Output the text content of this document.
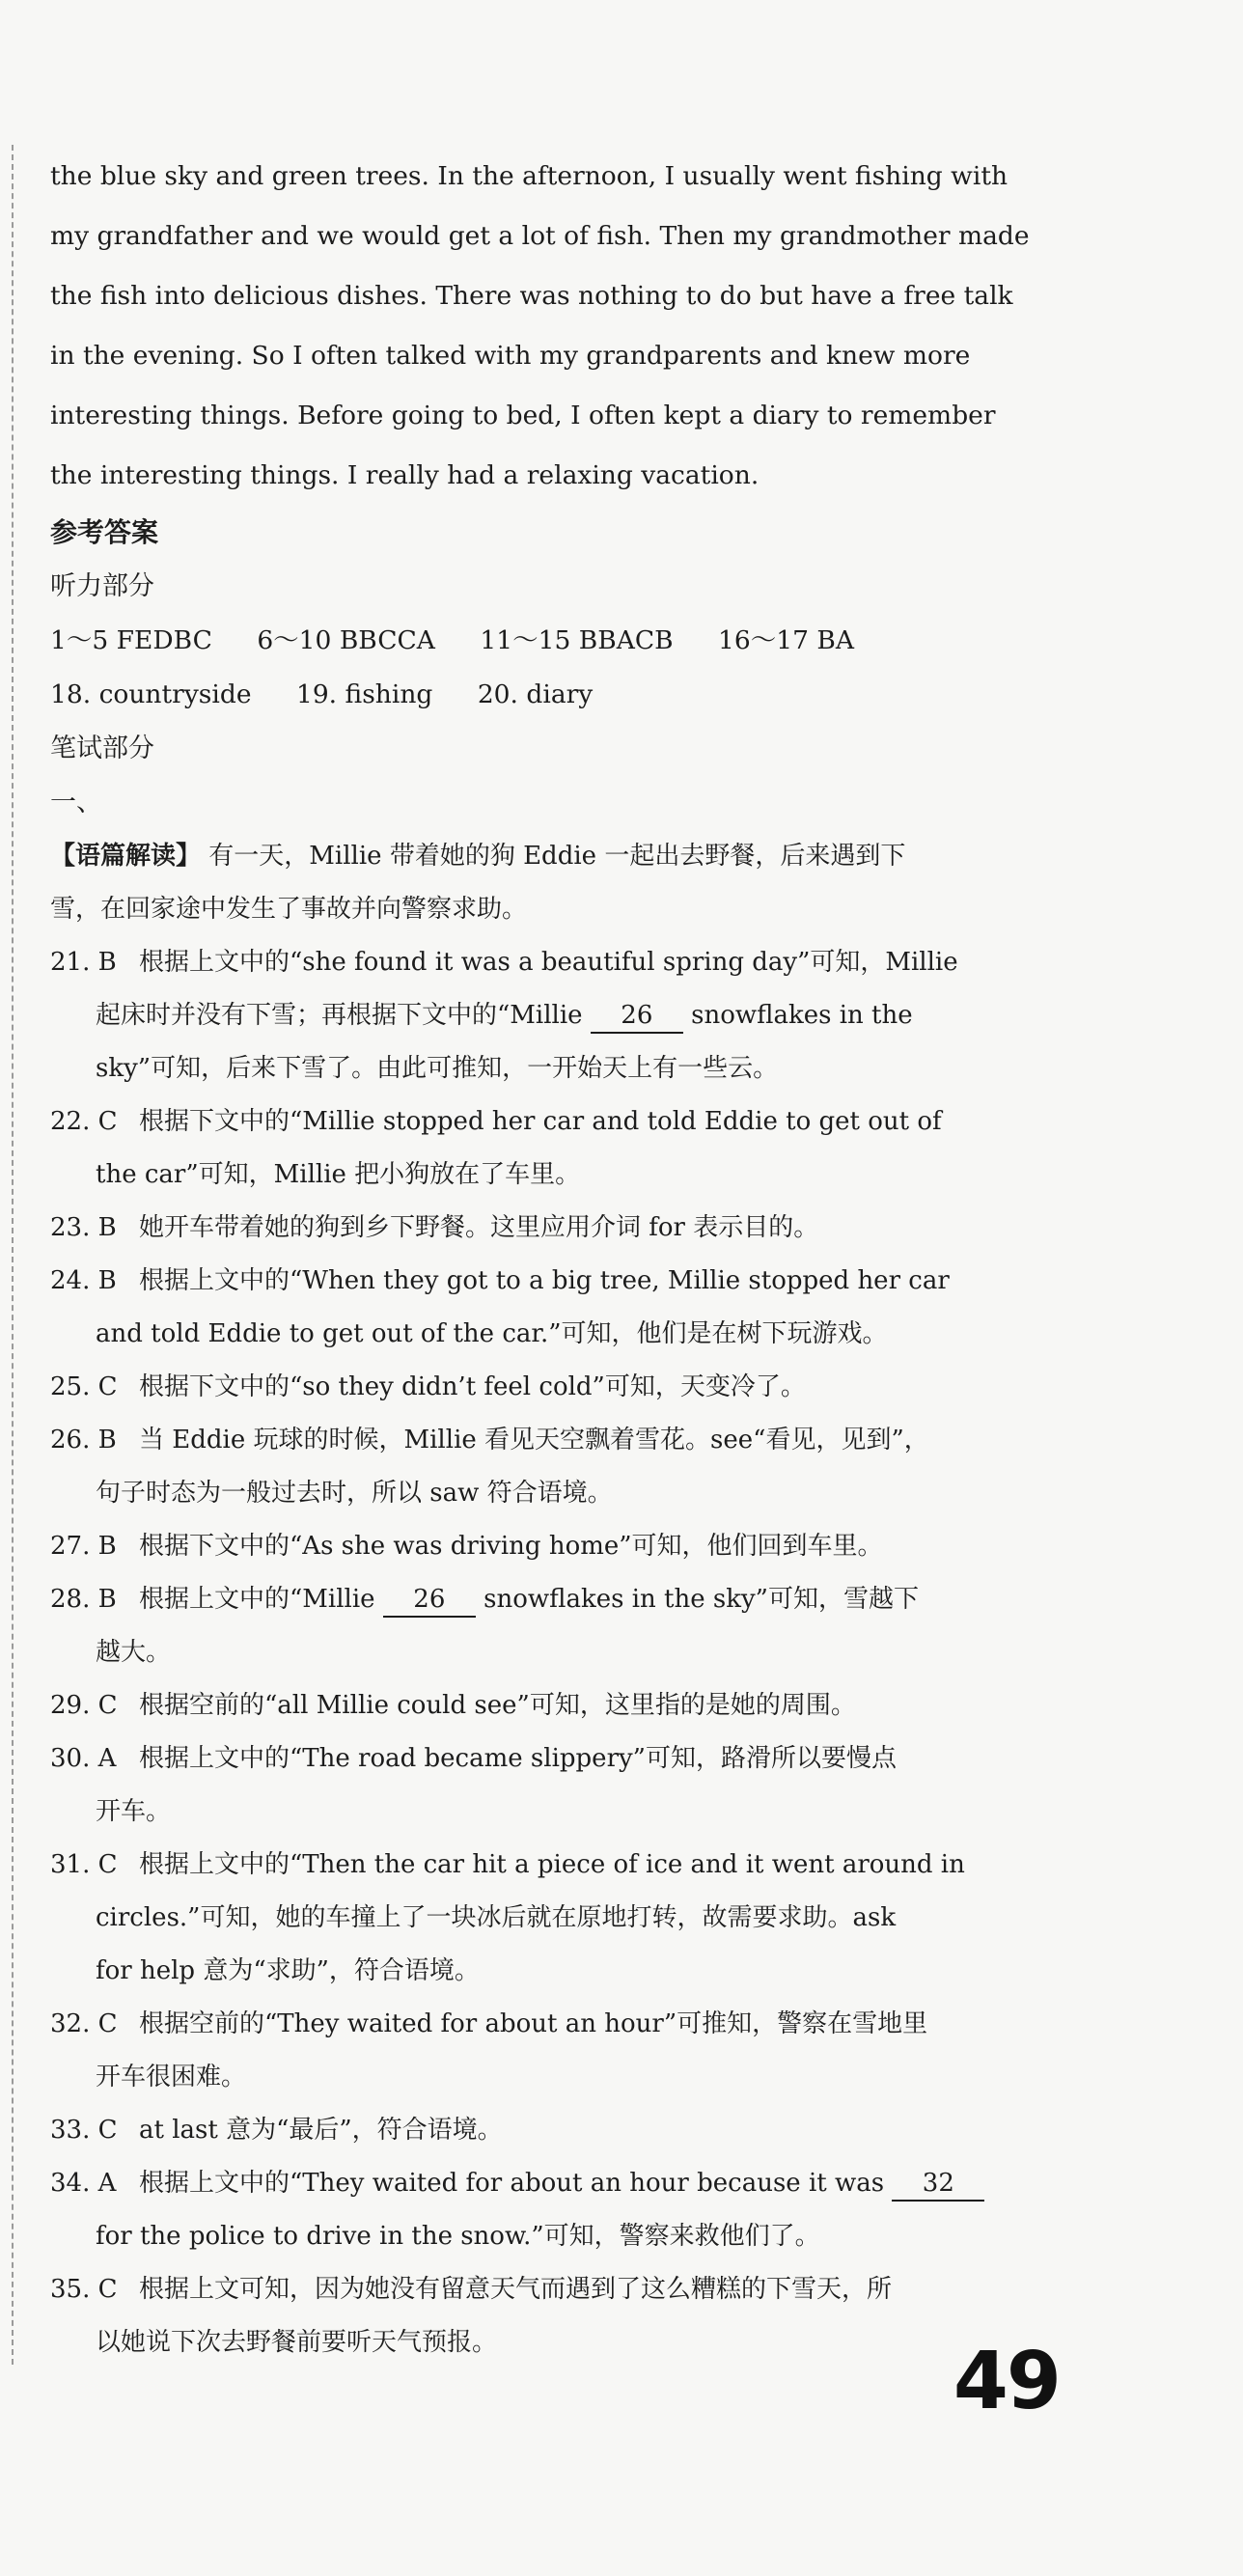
the blue sky and green trees. In the afternoon, I usually went fishing with
my grandfather and we would get a lot of fish. Then my grandmother made
the fish into delicious dishes. There was nothing to do but have a free talk
in the evening. So I often talked with my grandparents and knew more
interesting things. Before going to bed, I often kept a diary to remember
the interesting things. I really had a relaxing vacation.

参考答案

听力部分

1～5 FEDBC 6～10 BBCCA 11～15 BBACB 16～17 BA

18. countryside 19. fishing 20. diary

笔试部分

一、

【语篇解读】 有一天，Millie 带着她的狗 Eddie 一起出去野餐，后来遇到下
雪，在回家途中发生了事故并向警察求助。

21. B 根据上文中的“she found it was a beautiful spring day”可知，Millie
起床时并没有下雪；再根据下文中的“Millie 26 snowflakes in the
sky”可知，后来下雪了。由此可推知，一开始天上有一些云。

22. C 根据下文中的“Millie stopped her car and told Eddie to get out of
the car”可知，Millie 把小狗放在了车里。

23. B 她开车带着她的狗到乡下野餐。这里应用介词 for 表示目的。

24. B 根据上文中的“When they got to a big tree, Millie stopped her car
and told Eddie to get out of the car.”可知，他们是在树下玩游戏。

25. C 根据下文中的“so they didn’t feel cold”可知，天变冷了。

26. B 当 Eddie 玩球的时候，Millie 看见天空飘着雪花。see“看见，见到”，
句子时态为一般过去时，所以 saw 符合语境。

27. B 根据下文中的“As she was driving home”可知，他们回到车里。

28. B 根据上文中的“Millie 26 snowflakes in the sky”可知，雪越下
越大。

29. C 根据空前的“all Millie could see”可知，这里指的是她的周围。

30. A 根据上文中的“The road became slippery”可知，路滑所以要慢点
开车。

31. C 根据上文中的“Then the car hit a piece of ice and it went around in
circles.”可知，她的车撞上了一块冰后就在原地打转，故需要求助。ask
for help 意为“求助”，符合语境。

32. C 根据空前的“They waited for about an hour”可推知，警察在雪地里
开车很困难。

33. C at last 意为“最后”，符合语境。

34. A 根据上文中的“They waited for about an hour because it was 32
for the police to drive in the snow.”可知，警察来救他们了。

35. C 根据上文可知，因为她没有留意天气而遇到了这么糟糕的下雪天，所
以她说下次去野餐前要听天气预报。	49
